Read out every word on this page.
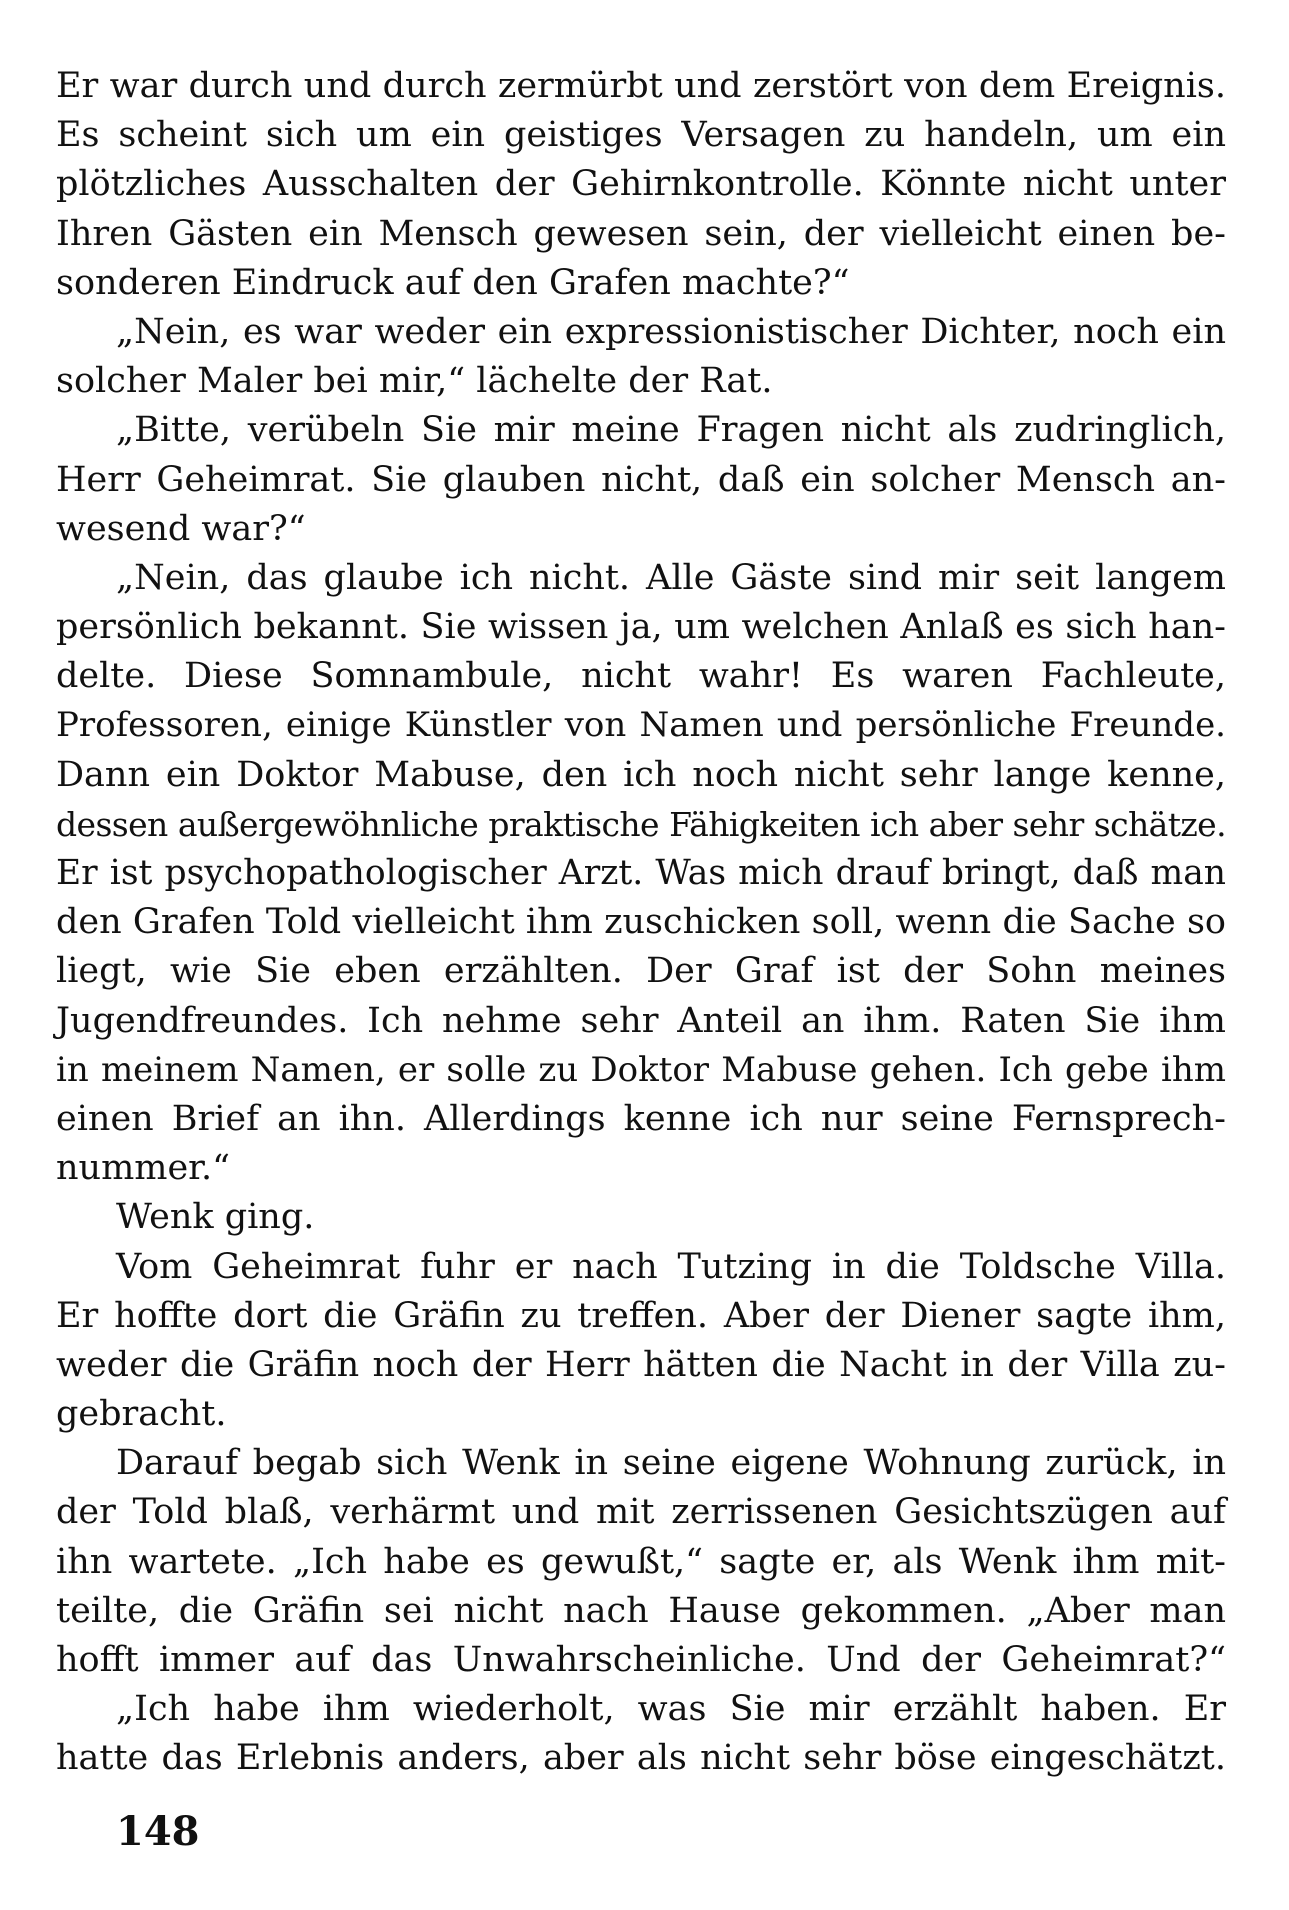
Er war durch und durch zermürbt und zerstört von dem Ereignis.
Es scheint sich um ein geistiges Versagen zu handeln, um ein
plötzliches Ausschalten der Gehirnkontrolle. Könnte nicht unter
Ihren Gästen ein Mensch gewesen sein, der vielleicht einen be-
sonderen Eindruck auf den Grafen machte?“
„Nein, es war weder ein expressionistischer Dichter, noch ein
solcher Maler bei mir,“ lächelte der Rat.
„Bitte, verübeln Sie mir meine Fragen nicht als zudringlich,
Herr Geheimrat. Sie glauben nicht, daß ein solcher Mensch an-
wesend war?“
„Nein, das glaube ich nicht. Alle Gäste sind mir seit langem
persönlich bekannt. Sie wissen ja, um welchen Anlaß es sich han-
delte. Diese Somnambule, nicht wahr! Es waren Fachleute,
Professoren, einige Künstler von Namen und persönliche Freunde.
Dann ein Doktor Mabuse, den ich noch nicht sehr lange kenne,
dessen außergewöhnliche praktische Fähigkeiten ich aber sehr schätze.
Er ist psychopathologischer Arzt. Was mich drauf bringt, daß man
den Grafen Told vielleicht ihm zuschicken soll, wenn die Sache so
liegt, wie Sie eben erzählten. Der Graf ist der Sohn meines
Jugendfreundes. Ich nehme sehr Anteil an ihm. Raten Sie ihm
in meinem Namen, er solle zu Doktor Mabuse gehen. Ich gebe ihm
einen Brief an ihn. Allerdings kenne ich nur seine Fernsprech-
nummer.“
Wenk ging.
Vom Geheimrat fuhr er nach Tutzing in die Toldsche Villa.
Er hoffte dort die Gräfin zu treffen. Aber der Diener sagte ihm,
weder die Gräfin noch der Herr hätten die Nacht in der Villa zu-
gebracht.
Darauf begab sich Wenk in seine eigene Wohnung zurück, in
der Told blaß, verhärmt und mit zerrissenen Gesichtszügen auf
ihn wartete. „Ich habe es gewußt,“ sagte er, als Wenk ihm mit-
teilte, die Gräfin sei nicht nach Hause gekommen. „Aber man
hofft immer auf das Unwahrscheinliche. Und der Geheimrat?“
„Ich habe ihm wiederholt, was Sie mir erzählt haben. Er
hatte das Erlebnis anders, aber als nicht sehr böse eingeschätzt.
148
